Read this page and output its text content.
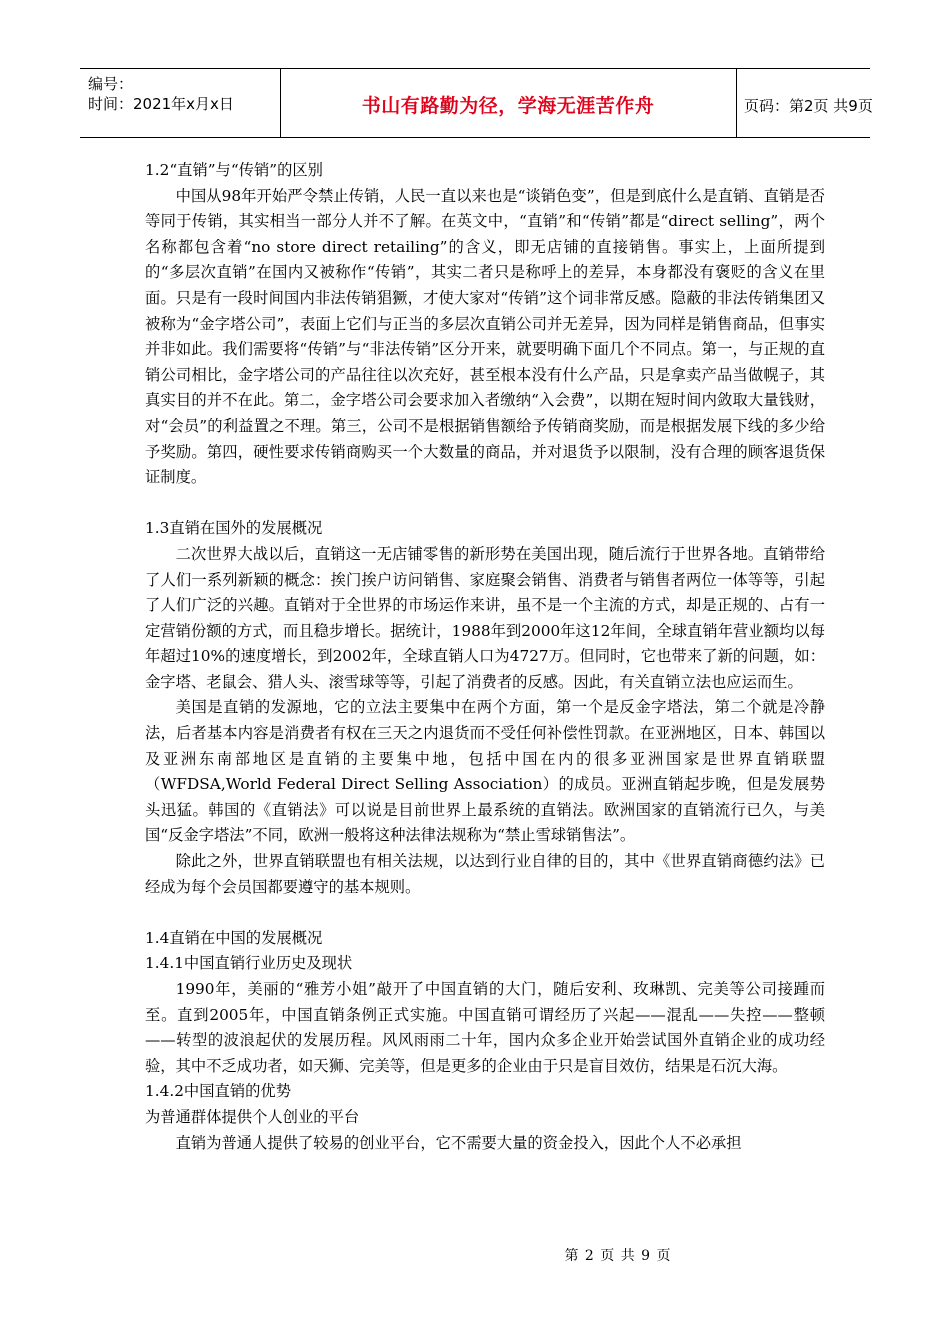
编号：
时间：2021年x月x日	书山有路勤为径，学海无涯苦作舟	页码：第2页 共9页

1.2“直销”与“传销”的区别

中国从98年开始严令禁止传销，人民一直以来也是“谈销色变”，但是到底什么是直销、直销是否等同于传销，其实相当一部分人并不了解。在英文中，“直销”和“传销”都是“direct selling”，两个名称都包含着“no store direct retailing”的含义，即无店铺的直接销售。事实上，上面所提到的“多层次直销”在国内又被称作“传销”，其实二者只是称呼上的差异，本身都没有褒贬的含义在里面。只是有一段时间国内非法传销猖獗，才使大家对“传销”这个词非常反感。隐蔽的非法传销集团又被称为“金字塔公司”，表面上它们与正当的多层次直销公司并无差异，因为同样是销售商品，但事实并非如此。我们需要将“传销”与“非法传销”区分开来，就要明确下面几个不同点。第一，与正规的直销公司相比，金字塔公司的产品往往以次充好，甚至根本没有什么产品，只是拿卖产品当做幌子，其真实目的并不在此。第二，金字塔公司会要求加入者缴纳“入会费”，以期在短时间内敛取大量钱财，对“会员”的利益置之不理。第三，公司不是根据销售额给予传销商奖励，而是根据发展下线的多少给予奖励。第四，硬性要求传销商购买一个大数量的商品，并对退货予以限制，没有合理的顾客退货保证制度。

1.3直销在国外的发展概况

二次世界大战以后，直销这一无店铺零售的新形势在美国出现，随后流行于世界各地。直销带给了人们一系列新颖的概念：挨门挨户访问销售、家庭聚会销售、消费者与销售者两位一体等等，引起了人们广泛的兴趣。直销对于全世界的市场运作来讲，虽不是一个主流的方式，却是正规的、占有一定营销份额的方式，而且稳步增长。据统计，1988年到2000年这12年间，全球直销年营业额均以每年超过10%的速度增长，到2002年，全球直销人口为4727万。但同时，它也带来了新的问题，如：金字塔、老鼠会、猎人头、滚雪球等等，引起了消费者的反感。因此，有关直销立法也应运而生。

美国是直销的发源地，它的立法主要集中在两个方面，第一个是反金字塔法，第二个就是冷静法，后者基本内容是消费者有权在三天之内退货而不受任何补偿性罚款。在亚洲地区，日本、韩国以及亚洲东南部地区是直销的主要集中地，包括中国在内的很多亚洲国家是世界直销联盟（WFDSA,World Federal Direct Selling Association）的成员。亚洲直销起步晚，但是发展势头迅猛。韩国的《直销法》可以说是目前世界上最系统的直销法。欧洲国家的直销流行已久，与美国“反金字塔法”不同，欧洲一般将这种法律法规称为“禁止雪球销售法”。

除此之外，世界直销联盟也有相关法规，以达到行业自律的目的，其中《世界直销商德约法》已经成为每个会员国都要遵守的基本规则。

1.4直销在中国的发展概况

1.4.1中国直销行业历史及现状

1990年，美丽的“雅芳小姐”敲开了中国直销的大门，随后安利、玫琳凯、完美等公司接踵而至。直到2005年，中国直销条例正式实施。中国直销可谓经历了兴起——混乱——失控——整顿——转型的波浪起伏的发展历程。风风雨雨二十年，国内众多企业开始尝试国外直销企业的成功经验，其中不乏成功者，如天狮、完美等，但是更多的企业由于只是盲目效仿，结果是石沉大海。

1.4.2中国直销的优势

为普通群体提供个人创业的平台

直销为普通人提供了较易的创业平台，它不需要大量的资金投入，因此个人不必承担

第 2 页 共 9 页
